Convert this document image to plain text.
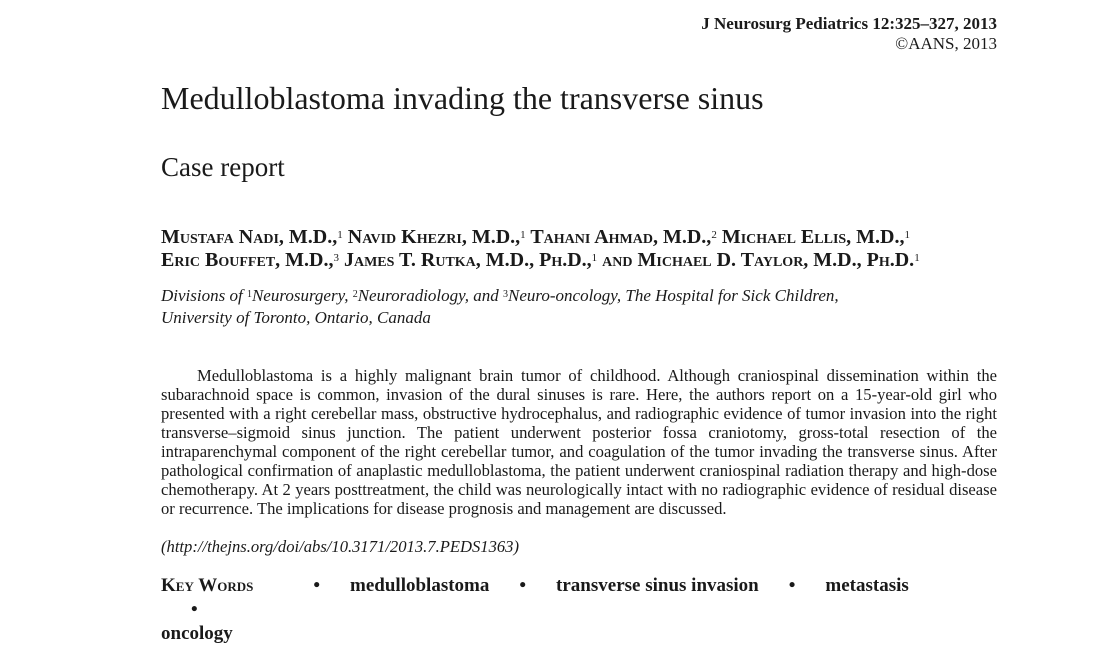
J Neurosurg Pediatrics 12:325–327, 2013
©AANS, 2013
Medulloblastoma invading the transverse sinus
Case report
Mustafa Nadi, M.D.,$^1$ Navid Khezri, M.D.,$^1$ Tahani Ahmad, M.D.,$^2$ Michael Ellis, M.D.,$^1$
Eric Bouffet, M.D.,$^3$ James T. Rutka, M.D., Ph.D.,$^1$ and Michael D. Taylor, M.D., Ph.D.$^1$
Divisions of $^1$Neurosurgery, $^2$Neuroradiology, and $^3$Neuro-oncology, The Hospital for Sick Children,
University of Toronto, Ontario, Canada

Medulloblastoma is a highly malignant brain tumor of childhood. Although craniospinal dissemination within the subarachnoid space is common, invasion of the dural sinuses is rare. Here, the authors report on a 15-year-old girl who presented with a right cerebellar mass, obstructive hydrocephalus, and radiographic evidence of tumor invasion into the right transverse–sigmoid sinus junction. The patient underwent posterior fossa craniotomy, gross-total resection of the intraparenchymal component of the right cerebellar tumor, and coagulation of the tumor invading the transverse sinus. After pathological confirmation of anaplastic medulloblastoma, the patient underwent craniospinal radiation therapy and high-dose chemotherapy. At 2 years posttreatment, the child was neurologically intact with no radiographic evidence of residual disease or recurrence. The implications for disease prognosis and management are discussed.

(http://thejns.org/doi/abs/10.3171/2013.7.PEDS1363)
Key Words	• medulloblastoma • transverse sinus invasion • metastasis•
oncology
